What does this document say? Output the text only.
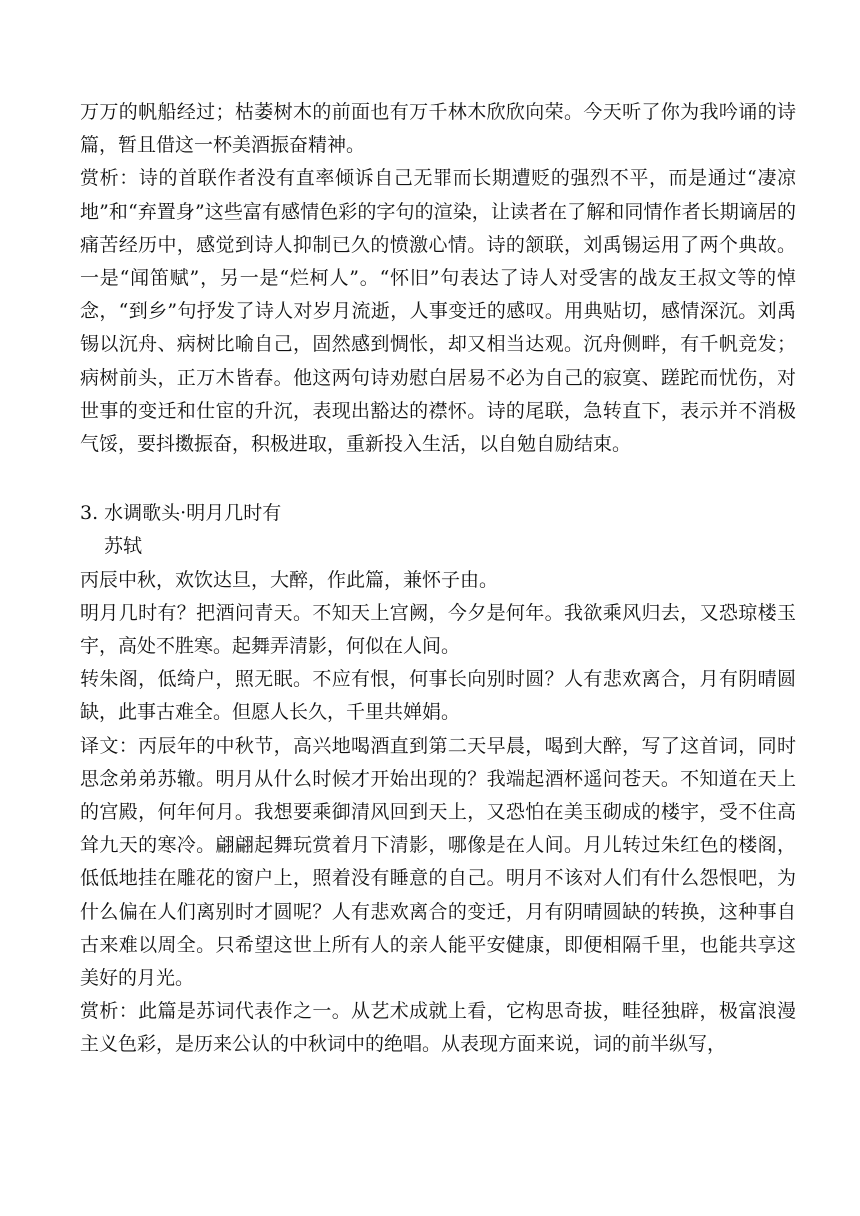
万万的帆船经过；枯萎树木的前面也有万千林木欣欣向荣。今天听了你为我吟诵的诗篇，暂且借这一杯美酒振奋精神。

赏析：诗的首联作者没有直率倾诉自己无罪而长期遭贬的强烈不平，而是通过“凄凉地”和“弃置身”这些富有感情色彩的字句的渲染，让读者在了解和同情作者长期谪居的痛苦经历中，感觉到诗人抑制已久的愤激心情。诗的颔联，刘禹锡运用了两个典故。一是“闻笛赋”，另一是“烂柯人”。“怀旧”句表达了诗人对受害的战友王叔文等的悼念，“到乡”句抒发了诗人对岁月流逝，人事变迁的感叹。用典贴切，感情深沉。刘禹锡以沉舟、病树比喻自己，固然感到惆怅，却又相当达观。沉舟侧畔，有千帆竞发；病树前头，正万木皆春。他这两句诗劝慰白居易不必为自己的寂寞、蹉跎而忧伤，对世事的变迁和仕宦的升沉，表现出豁达的襟怀。诗的尾联，急转直下，表示并不消极气馁，要抖擞振奋，积极进取，重新投入生活，以自勉自励结束。

3. 水调歌头·明月几时有

苏轼

丙辰中秋，欢饮达旦，大醉，作此篇，兼怀子由。

明月几时有？把酒问青天。不知天上宫阙，今夕是何年。我欲乘风归去，又恐琼楼玉宇，高处不胜寒。起舞弄清影，何似在人间。

转朱阁，低绮户，照无眠。不应有恨，何事长向别时圆？人有悲欢离合，月有阴晴圆缺，此事古难全。但愿人长久，千里共婵娟。

译文：丙辰年的中秋节，高兴地喝酒直到第二天早晨，喝到大醉，写了这首词，同时思念弟弟苏辙。明月从什么时候才开始出现的？我端起酒杯遥问苍天。不知道在天上的宫殿，何年何月。我想要乘御清风回到天上，又恐怕在美玉砌成的楼宇，受不住高耸九天的寒冷。翩翩起舞玩赏着月下清影，哪像是在人间。月儿转过朱红色的楼阁，低低地挂在雕花的窗户上，照着没有睡意的自己。明月不该对人们有什么怨恨吧，为什么偏在人们离别时才圆呢？人有悲欢离合的变迁，月有阴晴圆缺的转换，这种事自古来难以周全。只希望这世上所有人的亲人能平安健康，即便相隔千里，也能共享这美好的月光。

赏析：此篇是苏词代表作之一。从艺术成就上看，它构思奇拔，畦径独辟，极富浪漫主义色彩，是历来公认的中秋词中的绝唱。从表现方面来说，词的前半纵写，
